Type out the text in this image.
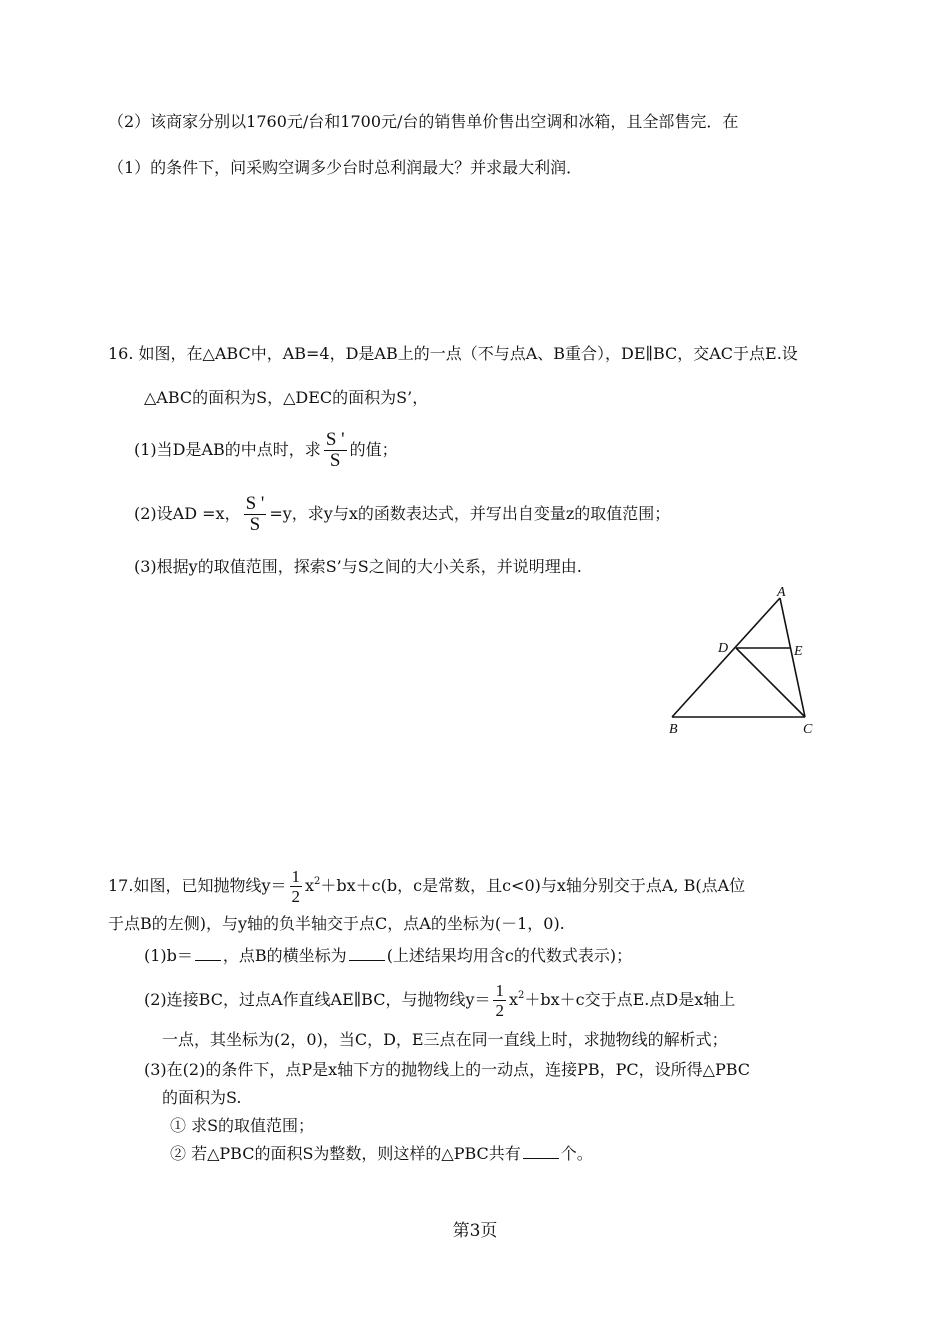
（2）该商家分别以1760元/台和1700元/台的销售单价售出空调和冰箱，且全部售完．在
（1）的条件下，问采购空调多少台时总利润最大？并求最大利润．
16. 如图，在△ABC中，AB=4，D是AB上的一点（不与点A、B重合），DE∥BC，交AC于点E.设
△ABC的面积为S，△DEC的面积为S’，
(1)当D是AB的中点时，求 $\frac{S '}{S}$ 的值；
(2)设AD =x， $\frac{S '}{S} =y$，求y与x的函数表达式，并写出自变量z的取值范围；
(3)根据y的取值范围，探索S’与S之间的大小关系，并说明理由.
A
D	E
B	C
17.如图，已知抛物线$y= \frac{1}{2} x^2+bx+c(b$，c是常数，且c<0)与x轴分别交于点A, B(点A位
于点B的左侧)，与y轴的负半轴交于点C，点A的坐标为(－1，0).
(1)b＝ ，点B的横坐标为	(上述结果均用含c的代数式表示)；
(2)连接BC，过点A作直线AE∥BC，与抛物线$y= \frac{1}{2} x^2+bx+c$交于点E.点D是x轴上
一点，其坐标为(2，0)，当C，D，E三点在同一直线上时，求抛物线的解析式；
(3)在(2)的条件下，点P是x轴下方的抛物线上的一动点，连接PB，PC，设所得△PBC
的面积为S.
① 求S的取值范围；
② 若△PBC的面积S为整数，则这样的△PBC共有	个。
第3页
